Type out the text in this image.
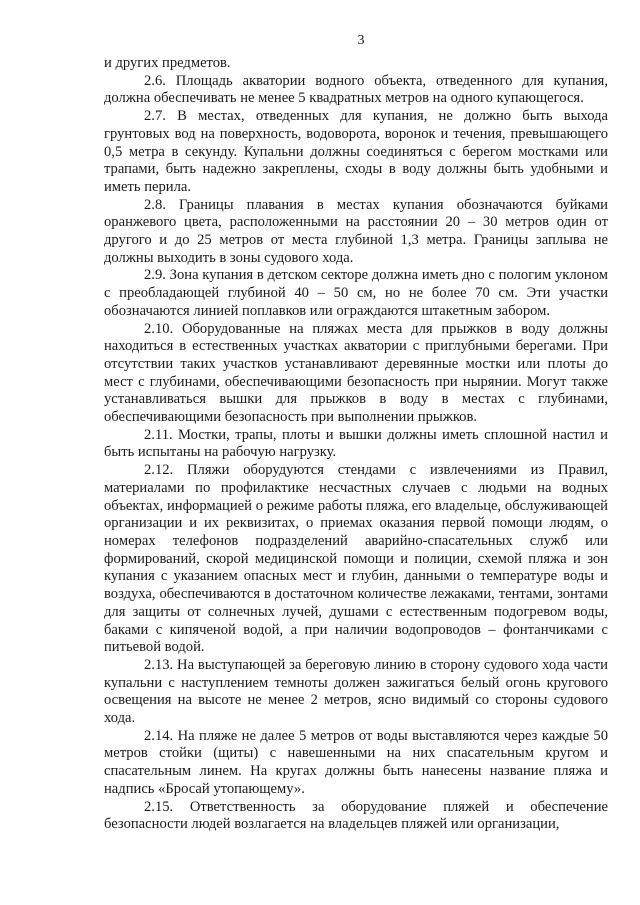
3

и других предметов.

2.6. Площадь акватории водного объекта, отведенного для купания, должна обеспечивать не менее 5 квадратных метров на одного купающегося.

2.7. В местах, отведенных для купания, не должно быть выхода грунтовых вод на поверхность, водоворота, воронок и течения, превышающего 0,5 метра в секунду. Купальни должны соединяться с берегом мостками или трапами, быть надежно закреплены, сходы в воду должны быть удобными и иметь перила.

2.8. Границы плавания в местах купания обозначаются буйками оранжевого цвета, расположенными на расстоянии 20 – 30 метров один от другого и до 25 метров от места глубиной 1,3 метра. Границы заплыва не должны выходить в зоны судового хода.

2.9. Зона купания в детском секторе должна иметь дно с пологим уклоном с преобладающей глубиной 40 – 50 см, но не более 70 см. Эти участки обозначаются линией поплавков или ограждаются штакетным забором.

2.10. Оборудованные на пляжах места для прыжков в воду должны находиться в естественных участках акватории с приглубными берегами. При отсутствии таких участков устанавливают деревянные мостки или плоты до мест с глубинами, обеспечивающими безопасность при нырянии. Могут также устанавливаться вышки для прыжков в воду в местах с глубинами, обеспечивающими безопасность при выполнении прыжков.

2.11. Мостки, трапы, плоты и вышки должны иметь сплошной настил и быть испытаны на рабочую нагрузку.

2.12. Пляжи оборудуются стендами с извлечениями из Правил, материалами по профилактике несчастных случаев с людьми на водных объектах, информацией о режиме работы пляжа, его владельце, обслуживающей организации и их реквизитах, о приемах оказания первой помощи людям, о номерах телефонов подразделений аварийно-спасательных служб или формирований, скорой медицинской помощи и полиции, схемой пляжа и зон купания с указанием опасных мест и глубин, данными о температуре воды и воздуха, обеспечиваются в достаточном количестве лежаками, тентами, зонтами для защиты от солнечных лучей, душами с естественным подогревом воды, баками с кипяченой водой, а при наличии водопроводов – фонтанчиками с питьевой водой.

2.13. На выступающей за береговую линию в сторону судового хода части купальни с наступлением темноты должен зажигаться белый огонь кругового освещения на высоте не менее 2 метров, ясно видимый со стороны судового хода.

2.14. На пляже не далее 5 метров от воды выставляются через каждые 50 метров стойки (щиты) с навешенными на них спасательным кругом и спасательным линем. На кругах должны быть нанесены название пляжа и надпись «Бросай утопающему».

2.15. Ответственность за оборудование пляжей и обеспечение безопасности людей возлагается на владельцев пляжей или организации,
